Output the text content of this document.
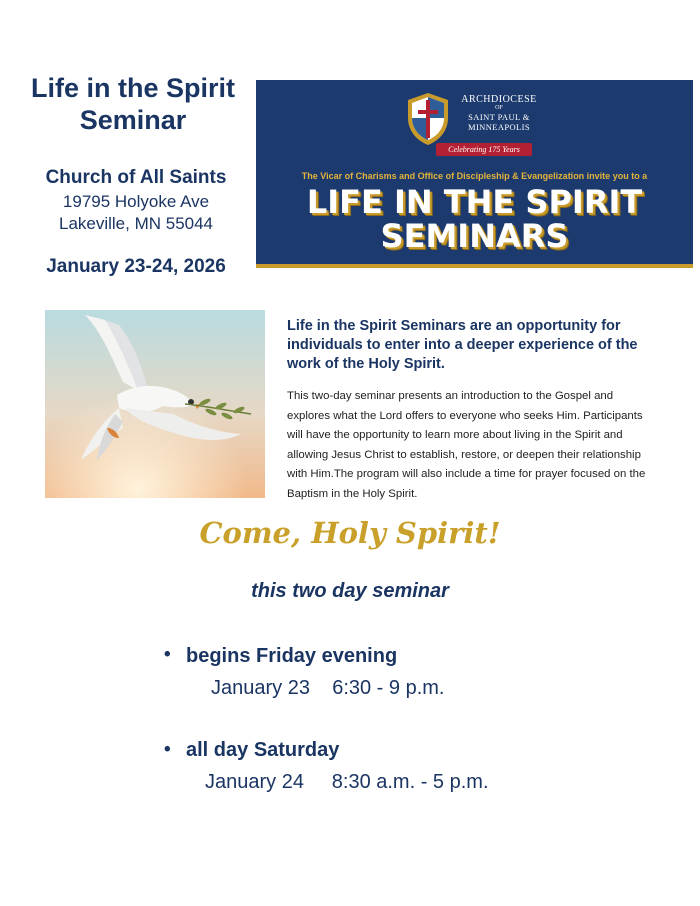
Life in the Spirit
Seminar
Church of All Saints
19795 Holyoke Ave
Lakeville, MN 55044
January 23-24, 2026
ARCHDIOCESE
OF
SAINT PAUL &
MINNEAPOLIS
Celebrating 175 Years
The Vicar of Charisms and Office of Discipleship & Evangelization invite you to a
LIFE IN THE SPIRIT
SEMINARS
Life in the Spirit Seminars are an opportunity for individuals to enter into a deeper experience of the work of the Holy Spirit.
This two-day seminar presents an introduction to the Gospel and explores what the Lord offers to everyone who seeks Him. Participants will have the opportunity to learn more about living in the Spirit and allowing Jesus Christ to establish, restore, or deepen their relationship with Him.The program will also include a time for prayer focused on the Baptism in the Holy Spirit.
Come, Holy Spirit!
this two day seminar
• begins Friday evening
January 23 6:30 - 9 p.m.
• all day Saturday
January 24 8:30 a.m. - 5 p.m.
